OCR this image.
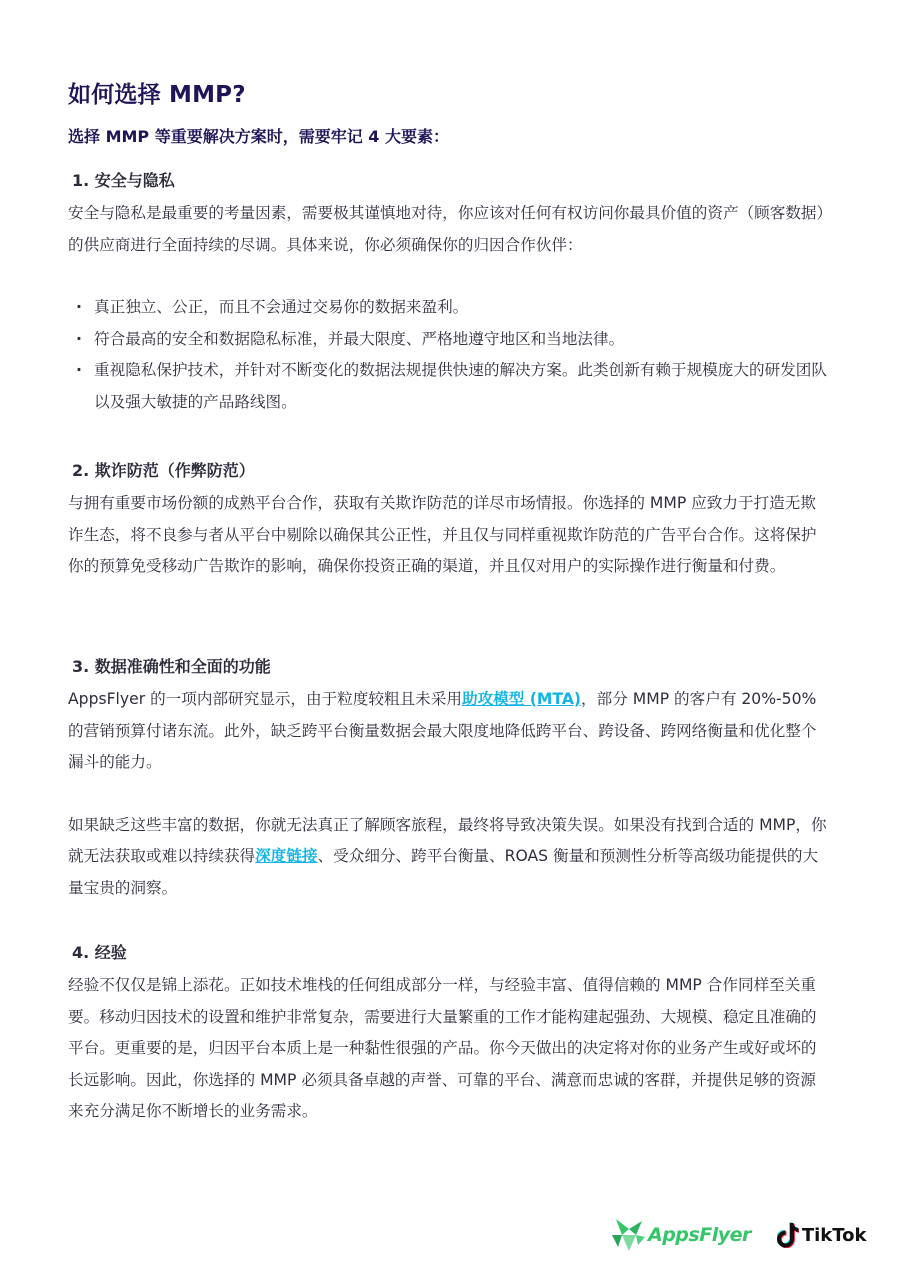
如何选择 MMP?

选择 MMP 等重要解决方案时，需要牢记 4 大要素：

1. 安全与隐私

安全与隐私是最重要的考量因素，需要极其谨慎地对待，你应该对任何有权访问你最具价值的资产（顾客数据）的供应商进行全面持续的尽调。具体来说，你必须确保你的归因合作伙伴：

· 真正独立、公正，而且不会通过交易你的数据来盈利。
· 符合最高的安全和数据隐私标准，并最大限度、严格地遵守地区和当地法律。
· 重视隐私保护技术，并针对不断变化的数据法规提供快速的解决方案。此类创新有赖于规模庞大的研发团队以及强大敏捷的产品路线图。
2. 欺诈防范（作弊防范）

与拥有重要市场份额的成熟平台合作，获取有关欺诈防范的详尽市场情报。你选择的 MMP 应致力于打造无欺诈生态，将不良参与者从平台中剔除以确保其公正性，并且仅与同样重视欺诈防范的广告平台合作。这将保护你的预算免受移动广告欺诈的影响，确保你投资正确的渠道，并且仅对用户的实际操作进行衡量和付费。

3. 数据准确性和全面的功能

AppsFlyer 的一项内部研究显示，由于粒度较粗且未采用助攻模型 (MTA)，部分 MMP 的客户有 20%-50% 的营销预算付诸东流。此外，缺乏跨平台衡量数据会最大限度地降低跨平台、跨设备、跨网络衡量和优化整个漏斗的能力。

如果缺乏这些丰富的数据，你就无法真正了解顾客旅程，最终将导致决策失误。如果没有找到合适的 MMP，你就无法获取或难以持续获得深度链接、受众细分、跨平台衡量、ROAS 衡量和预测性分析等高级功能提供的大量宝贵的洞察。

4. 经验

经验不仅仅是锦上添花。正如技术堆栈的任何组成部分一样，与经验丰富、值得信赖的 MMP 合作同样至关重要。移动归因技术的设置和维护非常复杂，需要进行大量繁重的工作才能构建起强劲、大规模、稳定且准确的平台。更重要的是，归因平台本质上是一种黏性很强的产品。你今天做出的决定将对你的业务产生或好或坏的长远影响。因此，你选择的 MMP 必须具备卓越的声誉、可靠的平台、满意而忠诚的客群，并提供足够的资源来充分满足你不断增长的业务需求。

AppsFlyer	TikTok
